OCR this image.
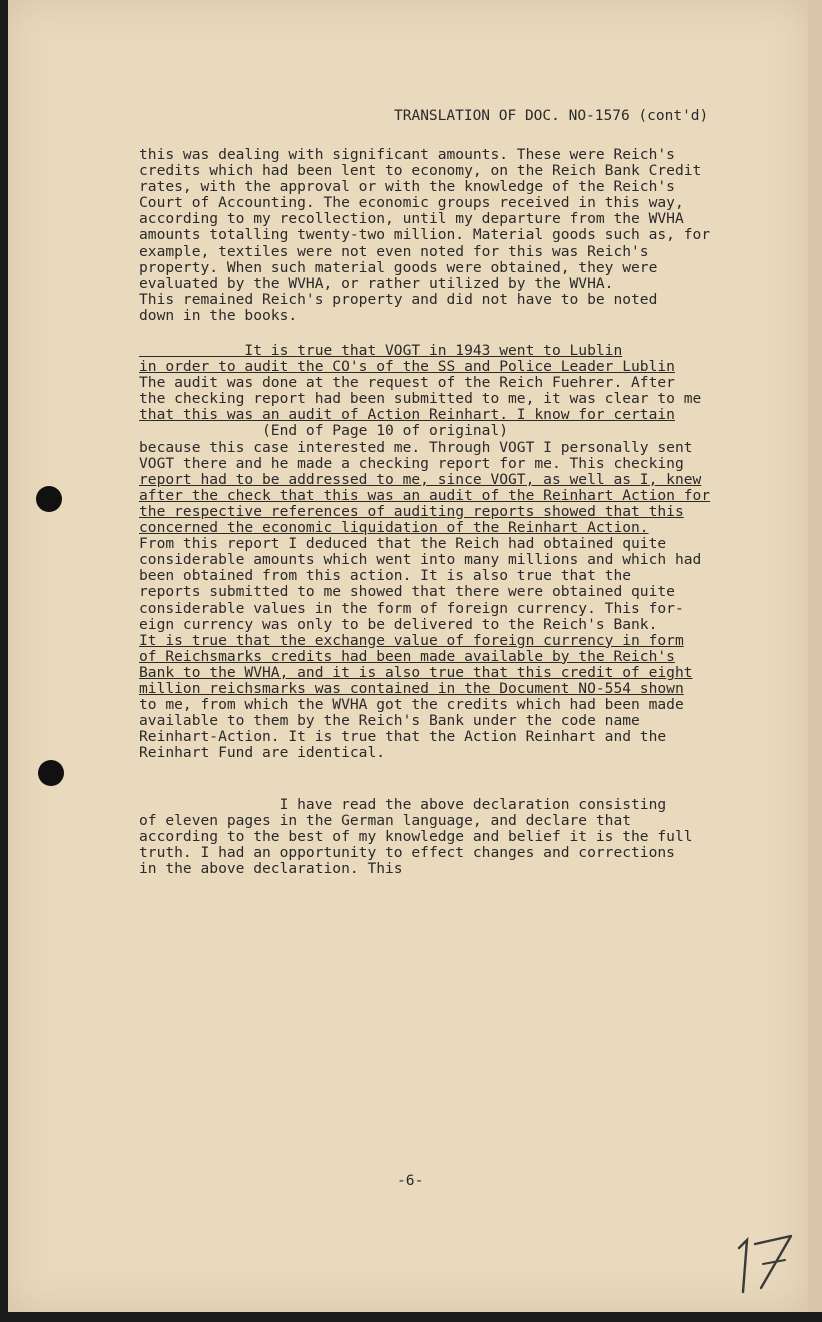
TRANSLATION OF DOC. NO-1576 (cont'd)
this was dealing with significant amounts. These were Reich's
credits which had been lent to economy, on the Reich Bank Credit
rates, with the approval or with the knowledge of the Reich's
Court of Accounting. The economic groups received in this way,
according to my recollection, until my departure from the WVHA
amounts totalling twenty-two million. Material goods such as, for
example, textiles were not even noted for this was Reich's
property. When such material goods were obtained, they were
evaluated by the WVHA, or rather utilized by the WVHA.
This remained Reich's property and did not have to be noted
down in the books.
It is true that VOGT in 1943 went to Lublin
in order to audit the CO's of the SS and Police Leader Lublin
The audit was done at the request of the Reich Fuehrer. After
the checking report had been submitted to me, it was clear to me
that this was an audit of Action Reinhart. I know for certain
(End of Page 10 of original)
because this case interested me. Through VOGT I personally sent
VOGT there and he made a checking report for me. This checking
report had to be addressed to me, since VOGT, as well as I, knew
after the check that this was an audit of the Reinhart Action for
the respective references of auditing reports showed that this
concerned the economic liquidation of the Reinhart Action.
From this report I deduced that the Reich had obtained quite
considerable amounts which went into many millions and which had
been obtained from this action. It is also true that the
reports submitted to me showed that there were obtained quite
considerable values in the form of foreign currency. This for-
eign currency was only to be delivered to the Reich's Bank.
It is true that the exchange value of foreign currency in form
of Reichsmarks credits had been made available by the Reich's
Bank to the WVHA, and it is also true that this credit of eight
million reichsmarks was contained in the Document NO-554 shown
to me, from which the WVHA got the credits which had been made
available to them by the Reich's Bank under the code name
Reinhart-Action. It is true that the Action Reinhart and the
Reinhart Fund are identical.
I have read the above declaration consisting
of eleven pages in the German language, and declare that
according to the best of my knowledge and belief it is the full
truth. I had an opportunity to effect changes and corrections
in the above declaration. This
-6-
